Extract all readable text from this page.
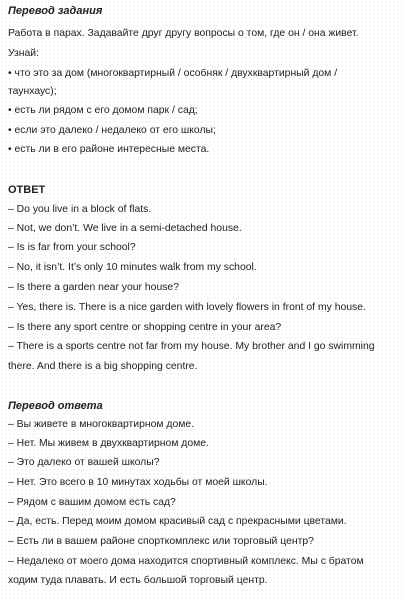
Перевод задания
Работа в парах. Задавайте друг другу вопросы о том, где он / она живет.
Узнай:
• что это за дом (многоквартирный / особняк / двухквартирный дом /
таунхаус);
• есть ли рядом с его домом парк / сад;
• если это далеко / недалеко от его школы;
• есть ли в его районе интересные места.
ОТВЕТ
– Do you live in a block of flats.
– Not, we don’t. We live in a semi-detached house.
– Is is far from your school?
– No, it isn’t. It’s only 10 minutes walk from my school.
– Is there a garden near your house?
– Yes, there is. There is a nice garden with lovely flowers in front of my house.
– Is there any sport centre or shopping centre in your area?
– There is a sports centre not far from my house. My brother and I go swimming
there. And there is a big shopping centre.
Перевод ответа
– Вы живете в многоквартирном доме.
– Нет. Мы живем в двухквартирном доме.
– Это далеко от вашей школы?
– Нет. Это всего в 10 минутах ходьбы от моей школы.
– Рядом с вашим домом есть сад?
– Да, есть. Перед моим домом красивый сад с прекрасными цветами.
– Есть ли в вашем районе спорткомплекс или торговый центр?
– Недалеко от моего дома находится спортивный комплекс. Мы с братом
ходим туда плавать. И есть большой торговый центр.
